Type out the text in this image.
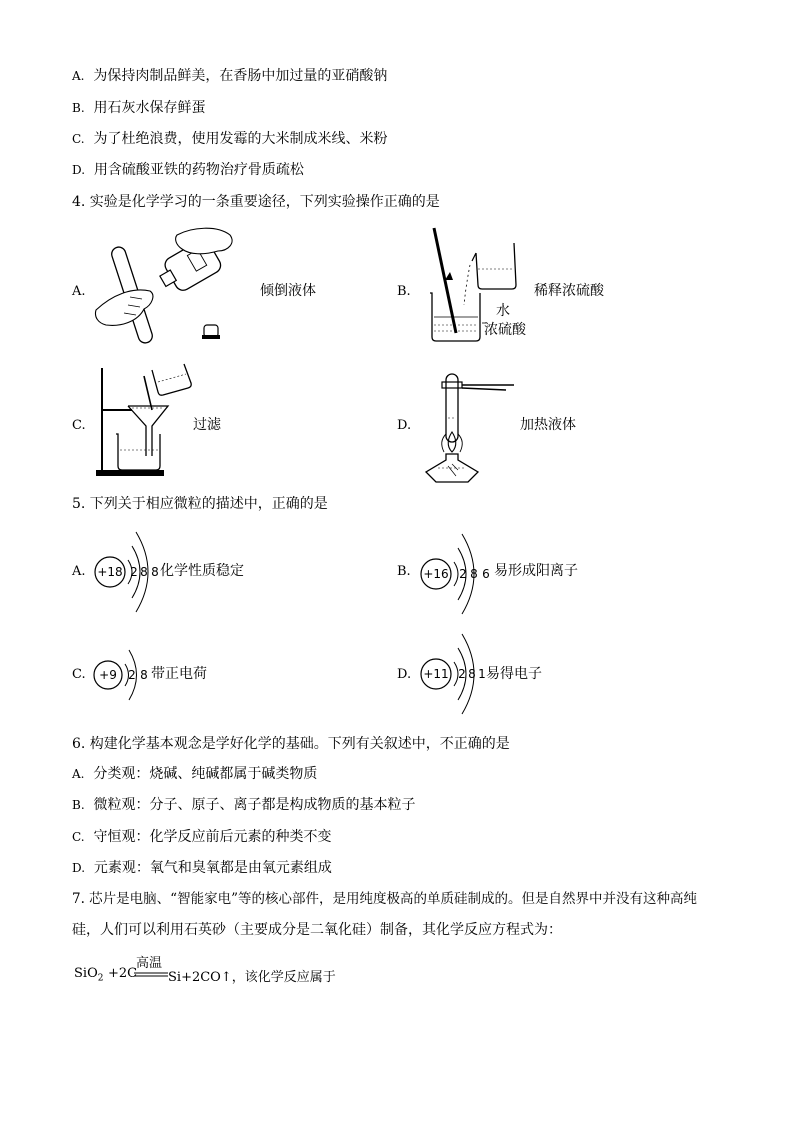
A. 为保持肉制品鲜美，在香肠中加过量的亚硝酸钠
B. 用石灰水保存鲜蛋
C. 为了杜绝浪费，使用发霉的大米制成米线、米粉
D. 用含硫酸亚铁的药物治疗骨质疏松
4. 实验是化学学习的一条重要途径，下列实验操作正确的是
A.	倾倒液体	B.	稀释浓硫酸
水
浓硫酸
C.	过滤	D.	加热液体
5. 下列关于相应微粒的描述中，正确的是
A. +18 2 8 8 化学性质稳定	B. +16 2 8 6 易形成阳离子
C. +9 2 8 带正电荷	D. +11 2 8 1 易得电子
6. 构建化学基本观念是学好化学的基础。下列有关叙述中，不正确的是
A. 分类观：烧碱、纯碱都属于碱类物质
B. 微粒观：分子、原子、离子都是构成物质的基本粒子
C. 守恒观：化学反应前后元素的种类不变
D. 元素观：氧气和臭氧都是由氧元素组成
7. 芯片是电脑、“智能家电”等的核心部件，是用纯度极高的单质硅制成的。但是自然界中并没有这种高纯
硅，人们可以利用石英砂（主要成分是二氧化硅）制备，其化学反应方程式为：
SiO$_2$ +2C
高温
Si+2CO↑，该化学反应属于
